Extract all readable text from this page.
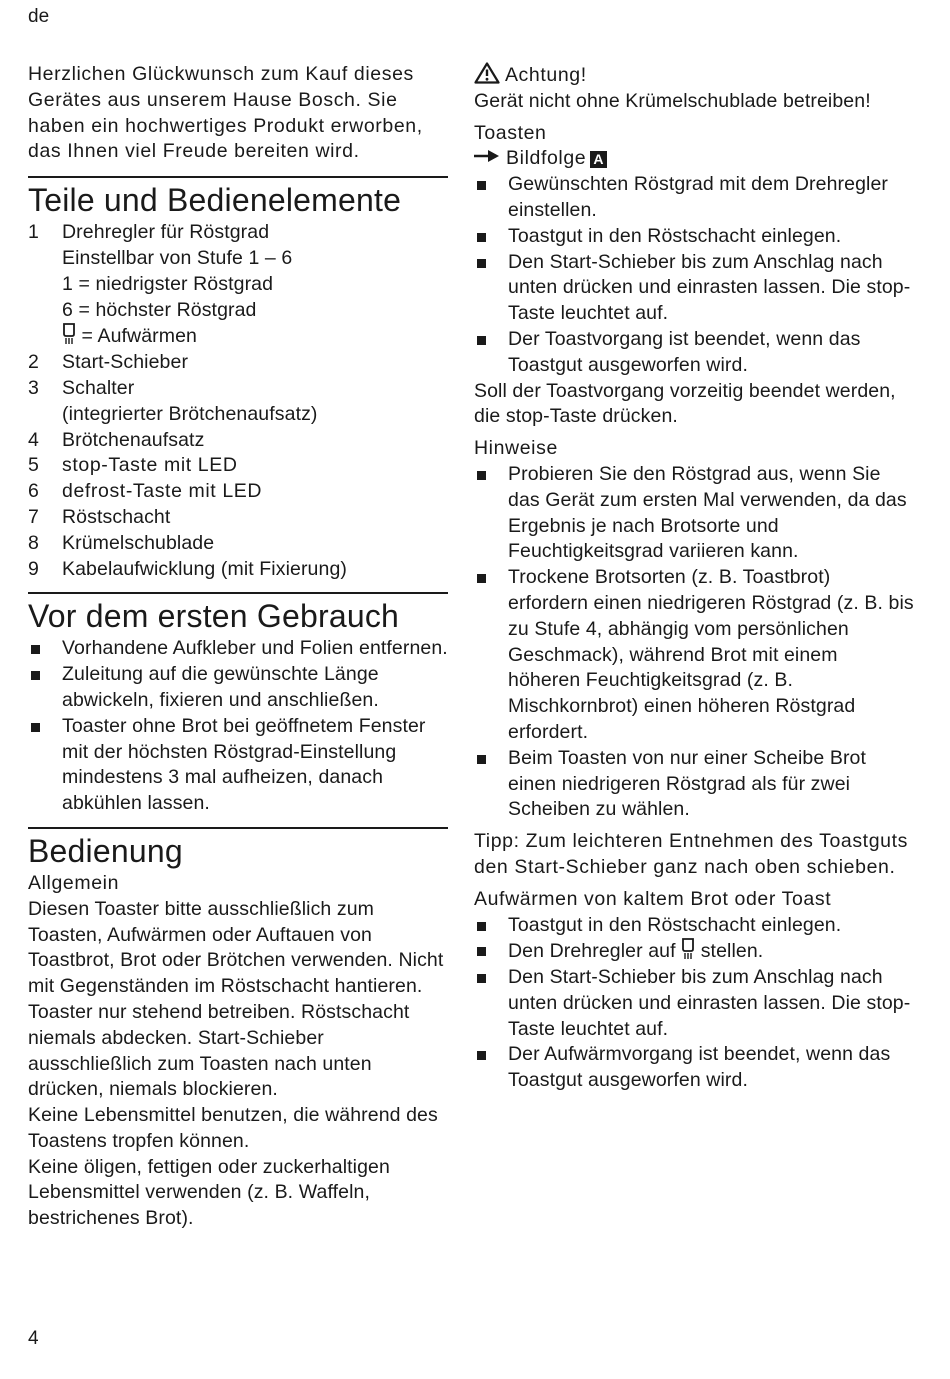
de

Herzlichen Glückwunsch zum Kauf dieses Gerätes aus unserem Hause Bosch. Sie haben ein hochwertiges Produkt erworben, das Ihnen viel Freude bereiten wird.

Teile und Bedienelemente
1	Drehregler für Röstgrad
Einstellbar von Stufe 1 – 6
1 = niedrigster Röstgrad
6 = höchster Röstgrad
= Aufwärmen
2	Start-Schieber
3	Schalter
(integrierter Brötchenaufsatz)
4	Brötchenaufsatz
5	stop-Taste mit LED
6	defrost-Taste mit LED
7	Röstschacht
8	Krümelschublade
9	Kabelaufwicklung (mit Fixierung)
Vor dem ersten Gebrauch
Vorhandene Aufkleber und Folien entfernen.
Zuleitung auf die gewünschte Länge abwickeln, fixieren und anschließen.
Toaster ohne Brot bei geöffnetem Fenster mit der höchsten Röstgrad-Einstellung mindestens 3 mal aufheizen, danach abkühlen lassen.
Bedienung
Allgemein

Diesen Toaster bitte ausschließlich zum Toasten, Aufwärmen oder Auftauen von Toastbrot, Brot oder Brötchen verwenden. Nicht mit Gegenständen im Röstschacht hantieren. Toaster nur stehend betreiben. Röstschacht niemals abdecken. Start-Schieber ausschließlich zum Toasten nach unten drücken, niemals blockieren.

Keine Lebensmittel benutzen, die während des Toastens tropfen können.

Keine öligen, fettigen oder zuckerhaltigen Lebensmittel verwenden (z. B. Waffeln, bestrichenes Brot).

Achtung!

Gerät nicht ohne Krümelschublade betreiben!

Toasten
Bildfolge A
Gewünschten Röstgrad mit dem Drehregler einstellen.
Toastgut in den Röstschacht einlegen.
Den Start-Schieber bis zum Anschlag nach unten drücken und einrasten lassen. Die stop-Taste leuchtet auf.
Der Toastvorgang ist beendet, wenn das Toastgut ausgeworfen wird.

Soll der Toastvorgang vorzeitig beendet werden, die stop-Taste drücken.

Hinweise
Probieren Sie den Röstgrad aus, wenn Sie das Gerät zum ersten Mal verwenden, da das Ergebnis je nach Brotsorte und Feuchtigkeitsgrad variieren kann.
Trockene Brotsorten (z. B. Toastbrot) erfordern einen niedrigeren Röstgrad (z. B. bis zu Stufe 4, abhängig vom persönlichen Geschmack), während Brot mit einem höheren Feuchtigkeitsgrad (z. B. Mischkornbrot) einen höheren Röstgrad erfordert.
Beim Toasten von nur einer Scheibe Brot einen niedrigeren Röstgrad als für zwei Scheiben zu wählen.

Tipp: Zum leichteren Entnehmen des Toastguts den Start-Schieber ganz nach oben schieben.

Aufwärmen von kaltem Brot oder Toast
Toastgut in den Röstschacht einlegen.
Den Drehregler auf stellen.
Den Start-Schieber bis zum Anschlag nach unten drücken und einrasten lassen. Die stop-Taste leuchtet auf.
Der Aufwärmvorgang ist beendet, wenn das Toastgut ausgeworfen wird.
4
